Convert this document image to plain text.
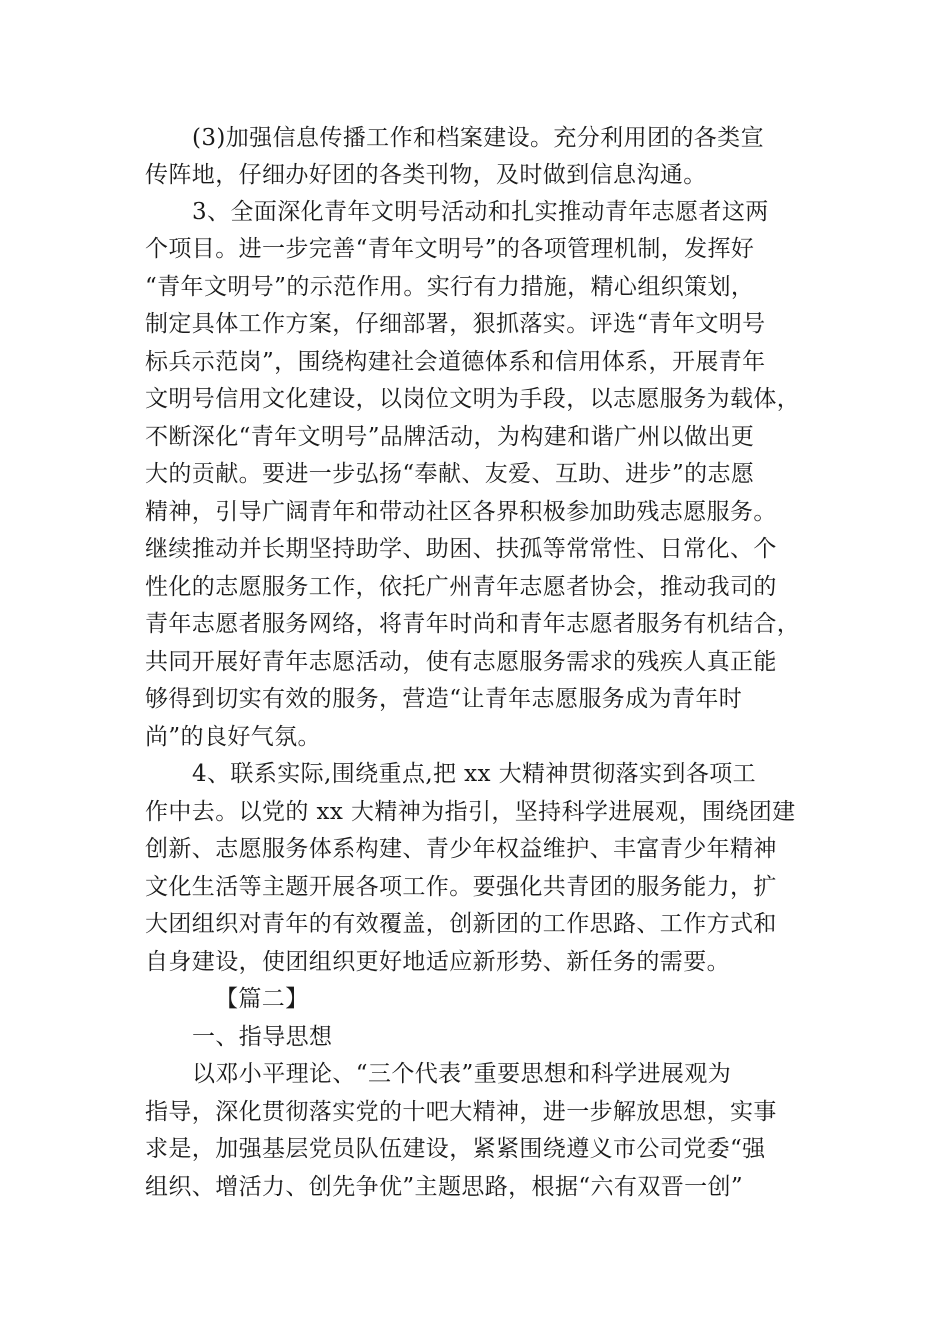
(3)加强信息传播工作和档案建设。充分利用团的各类宣
传阵地，仔细办好团的各类刊物，及时做到信息沟通。
3、全面深化青年文明号活动和扎实推动青年志愿者这两
个项目。进一步完善“青年文明号”的各项管理机制，发挥好
“青年文明号”的示范作用。实行有力措施，精心组织策划，
制定具体工作方案，仔细部署，狠抓落实。评选“青年文明号
标兵示范岗”，围绕构建社会道德体系和信用体系，开展青年
文明号信用文化建设，以岗位文明为手段，以志愿服务为载体，
不断深化“青年文明号”品牌活动，为构建和谐广州以做出更
大的贡献。要进一步弘扬“奉献、友爱、互助、进步”的志愿
精神，引导广阔青年和带动社区各界积极参加助残志愿服务。
继续推动并长期坚持助学、助困、扶孤等常常性、日常化、个
性化的志愿服务工作，依托广州青年志愿者协会，推动我司的
青年志愿者服务网络，将青年时尚和青年志愿者服务有机结合，
共同开展好青年志愿活动，使有志愿服务需求的残疾人真正能
够得到切实有效的服务，营造“让青年志愿服务成为青年时
尚”的良好气氛。
4、联系实际,围绕重点,把 xx 大精神贯彻落实到各项工
作中去。以党的 xx 大精神为指引，坚持科学进展观，围绕团建
创新、志愿服务体系构建、青少年权益维护、丰富青少年精神
文化生活等主题开展各项工作。要强化共青团的服务能力，扩
大团组织对青年的有效覆盖，创新团的工作思路、工作方式和
自身建设，使团组织更好地适应新形势、新任务的需要。
【篇二】
一、指导思想
以邓小平理论、“三个代表”重要思想和科学进展观为
指导，深化贯彻落实党的十吧大精神，进一步解放思想，实事
求是，加强基层党员队伍建设，紧紧围绕遵义市公司党委“强
组织、增活力、创先争优”主题思路，根据“六有双晋一创”
